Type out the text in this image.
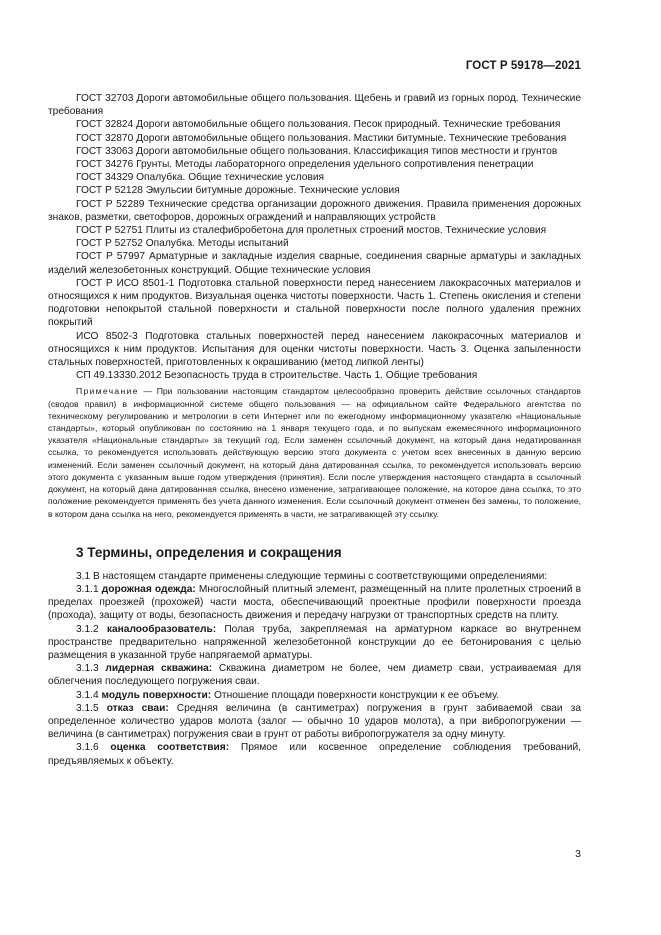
ГОСТ Р 59178—2021

ГОСТ 32703 Дороги автомобильные общего пользования. Щебень и гравий из горных пород. Технические требования

ГОСТ 32824 Дороги автомобильные общего пользования. Песок природный. Технические требования

ГОСТ 32870 Дороги автомобильные общего пользования. Мастики битумные. Технические требования

ГОСТ 33063 Дороги автомобильные общего пользования. Классификация типов местности и грунтов

ГОСТ 34276 Грунты. Методы лабораторного определения удельного сопротивления пенетрации

ГОСТ 34329 Опалубка. Общие технические условия

ГОСТ Р 52128 Эмульсии битумные дорожные. Технические условия

ГОСТ Р 52289 Технические средства организации дорожного движения. Правила применения дорожных знаков, разметки, светофоров, дорожных ограждений и направляющих устройств

ГОСТ Р 52751 Плиты из сталефибробетона для пролетных строений мостов. Технические условия

ГОСТ Р 52752 Опалубка. Методы испытаний

ГОСТ Р 57997 Арматурные и закладные изделия сварные, соединения сварные арматуры и закладных изделий железобетонных конструкций. Общие технические условия

ГОСТ Р ИСО 8501-1 Подготовка стальной поверхности перед нанесением лакокрасочных материалов и относящихся к ним продуктов. Визуальная оценка чистоты поверхности. Часть 1. Степень окисления и степени подготовки непокрытой стальной поверхности и стальной поверхности после полного удаления прежних покрытий

ИСО 8502-3 Подготовка стальных поверхностей перед нанесением лакокрасочных материалов и относящихся к ним продуктов. Испытания для оценки чистоты поверхности. Часть 3. Оценка запыленности стальных поверхностей, приготовленных к окрашиванию (метод липкой ленты)

СП 49.13330.2012 Безопасность труда в строительстве. Часть 1. Общие требования

Примечание — При пользовании настоящим стандартом целесообразно проверить действие ссылочных стандартов (сводов правил) в информационной системе общего пользования — на официальном сайте Федерального агентства по техническому регулированию и метрологии в сети Интернет или по ежегодному информационному указателю «Национальные стандарты», который опубликован по состоянию на 1 января текущего года, и по выпускам ежемесячного информационного указателя «Национальные стандарты» за текущий год. Если заменен ссылочный документ, на который дана недатированная ссылка, то рекомендуется использовать действующую версию этого документа с учетом всех внесенных в данную версию изменений. Если заменен ссылочный документ, на который дана датированная ссылка, то рекомендуется использовать версию этого документа с указанным выше годом утверждения (принятия). Если после утверждения настоящего стандарта в ссылочный документ, на который дана датированная ссылка, внесено изменение, затрагивающее положение, на которое дана ссылка, то это положение рекомендуется применять без учета данного изменения. Если ссылочный документ отменен без замены, то положение, в котором дана ссылка на него, рекомендуется применять в части, не затрагивающей эту ссылку.
3 Термины, определения и сокращения

3.1 В настоящем стандарте применены следующие термины с соответствующими определениями:

3.1.1 дорожная одежда: Многослойный плитный элемент, размещенный на плите пролетных строений в пределах проезжей (прохожей) части моста, обеспечивающий проектные профили поверхности проезда (прохода), защиту от воды, безопасность движения и передачу нагрузки от транспортных средств на плиту.

3.1.2 каналообразователь: Полая труба, закрепляемая на арматурном каркасе во внутреннем пространстве предварительно напряженной железобетонной конструкции до ее бетонирования с целью размещения в указанной трубе напрягаемой арматуры.

3.1.3 лидерная скважина: Скважина диаметром не более, чем диаметр сваи, устраиваемая для облегчения последующего погружения сваи.

3.1.4 модуль поверхности: Отношение площади поверхности конструкции к ее объему.

3.1.5 отказ сваи: Средняя величина (в сантиметрах) погружения в грунт забиваемой сваи за определенное количество ударов молота (залог — обычно 10 ударов молота), а при вибропогружении — величина (в сантиметрах) погружения сваи в грунт от работы вибропогружателя за одну минуту.

3.1.6 оценка соответствия: Прямое или косвенное определение соблюдения требований, предъявляемых к объекту.

3
